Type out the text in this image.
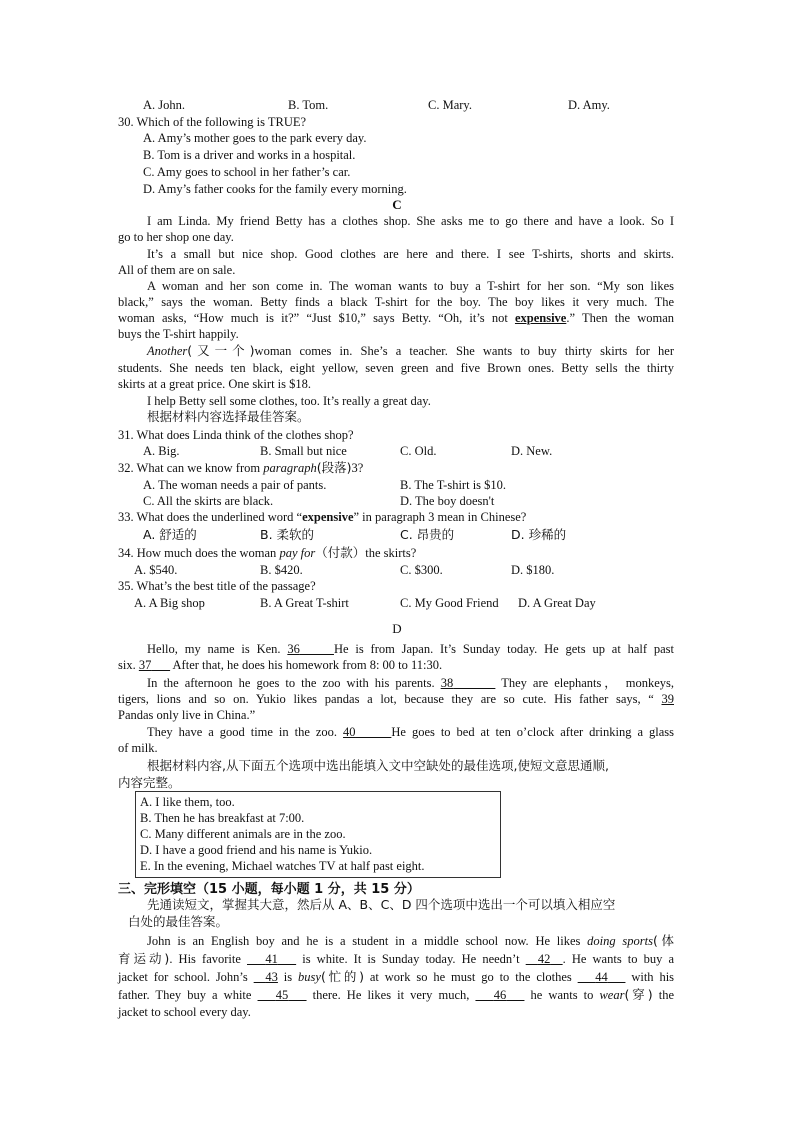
A. John.	B. Tom.	C. Mary.	D. Amy.
30. Which of the following is TRUE?
A. Amy’s mother goes to the park every day.
B. Tom is a driver and works in a hospital.
C. Amy goes to school in her father’s car.
D. Amy’s father cooks for the family every morning.
C
I am Linda. My friend Betty has a clothes shop. She asks me to go there and have a look. So I
go to her shop one day.
It’s a small but nice shop. Good clothes are here and there. I see T-shirts, shorts and skirts.
All of them are on sale.
A woman and her son come in. The woman wants to buy a T-shirt for her son. “My son likes
black,” says the woman. Betty finds a black T-shirt for the boy. The boy likes it very much. The
woman asks, “How much is it?” “Just $10,” says Betty. “Oh, it’s not expensive.” Then the woman
buys the T-shirt happily.
Another(又一个)woman comes in. She’s a teacher. She wants to buy thirty skirts for her
students. She needs ten black, eight yellow, seven green and five Brown ones. Betty sells the thirty
skirts at a great price. One skirt is $18.
I help Betty sell some clothes, too. It’s really a great day.
根据材料内容选择最佳答案。
31. What does Linda think of the clothes shop?
A. Big.	B. Small but nice	C. Old.	D. New.
32. What can we know from paragraph(段落)3?
A. The woman needs a pair of pants.	B. The T-shirt is $10.
C. All the skirts are black.	D. The boy doesn't
33. What does the underlined word “expensive” in paragraph 3 mean in Chinese?
A. 舒适的	B. 柔软的	C. 昂贵的	D. 珍稀的
34. How much does the woman pay for（付款）the skirts?
A. $540.	B. $420.	C. $300.	D. $180.
35. What’s the best title of the passage?
A. A Big shop	B. A Great T-shirt	C. My Good Friend D. A Great Day
D
Hello, my name is Ken. 36	He is from Japan. It’s Sunday today. He gets up at half past
six. 37       After that, he does his homework from 8: 00 to 11:30.
In the afternoon he goes to the zoo with his parents. 38	They are elephants， monkeys,
tigers, lions and so on. Yukio likes pandas a lot, because they are so cute. His father says, “ 39
Pandas only live in China.”
They have a good time in the zoo. 40	He goes to bed at ten o’clock after drinking a glass
of milk.
根据材料内容,从下面五个选项中选出能填入文中空缺处的最佳选项,使短文意思通顺,
内容完整。
A. I like them, too.
B. Then he has breakfast at 7:00.
C. Many different animals are in the zoo.
D. I have a good friend and his name is Yukio.
E. In the evening, Michael watches TV at half past eight.
三、完形填空（15 小题，每小题 1 分，共 15 分）
先通读短文，掌握其大意，然后从 A、B、C、D 四个选项中选出一个可以填入相应空
白处的最佳答案。
John is an English boy and he is a student in a middle school now. He likes doing sports(体
育运动). His favorite    41    is white. It is Sunday today. He needn’t   42 . He wants to buy a
jacket for school. John’s   43 is busy(忙的) at work so he must go to the clothes    44    with his
father. They buy a white    45    there. He likes it very much,    46    he wants to wear(穿) the
jacket to school every day.
